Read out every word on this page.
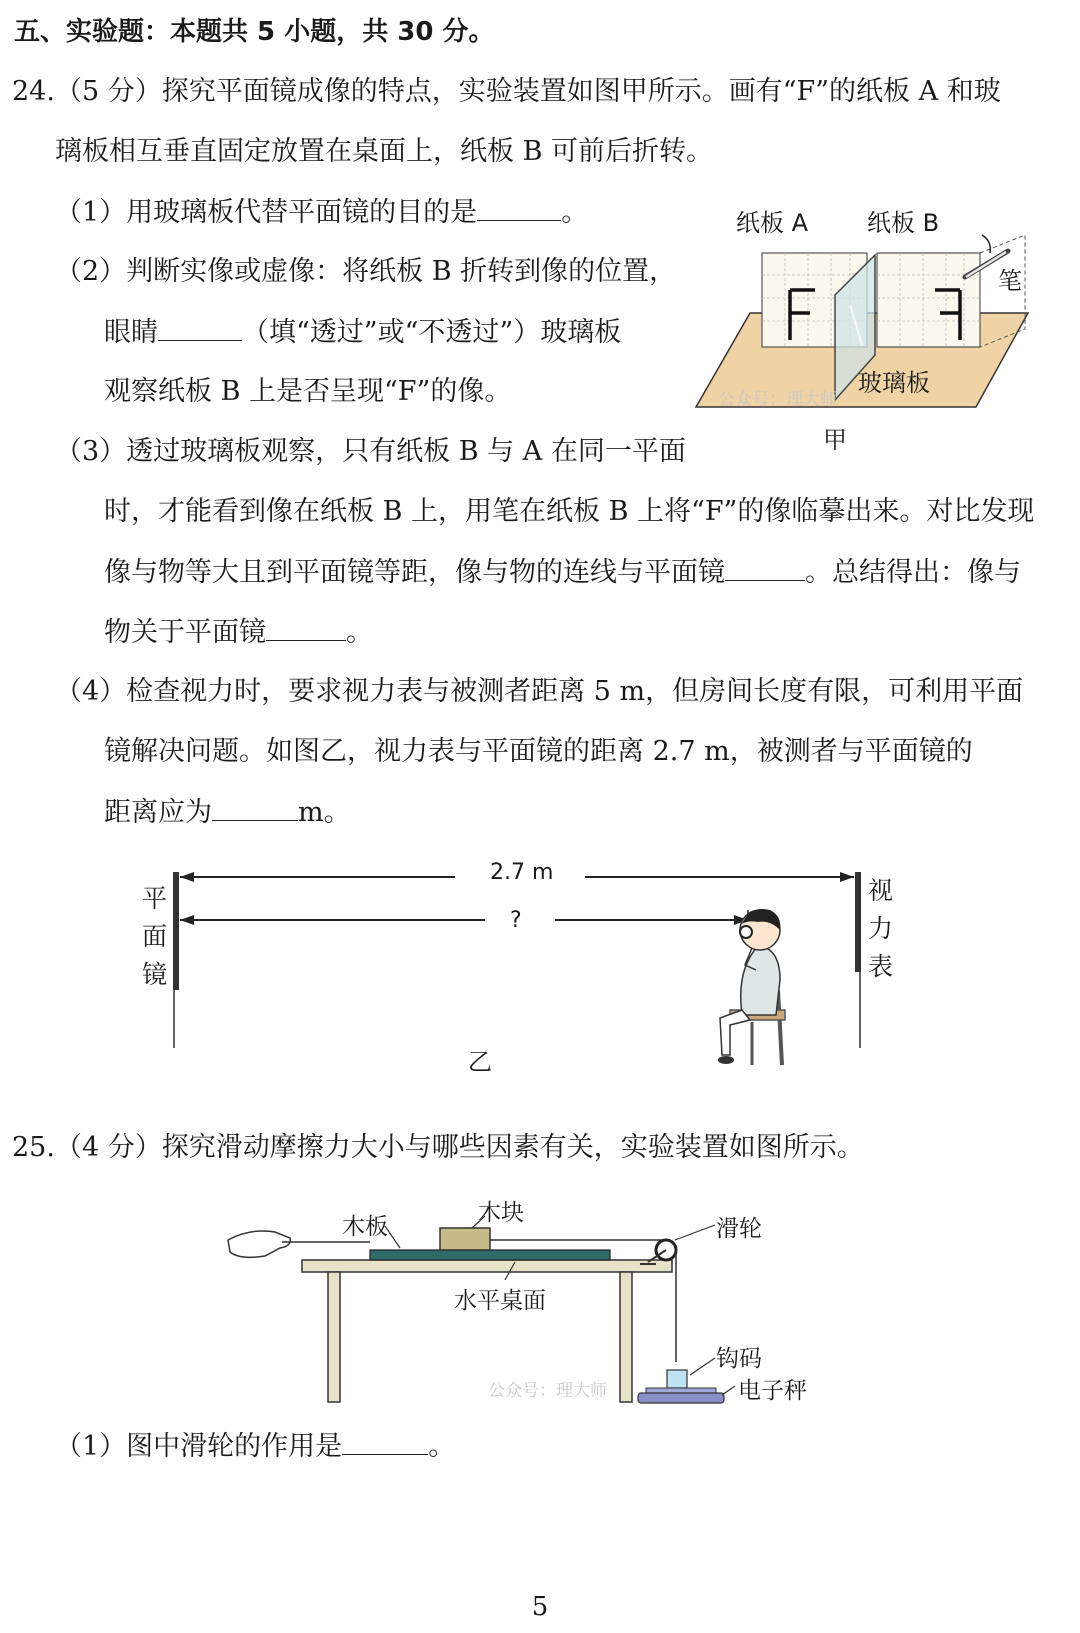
五、实验题：本题共 5 小题，共 30 分。
24.（5 分）探究平面镜成像的特点，实验装置如图甲所示。画有“F”的纸板 A 和玻
璃板相互垂直固定放置在桌面上，纸板 B 可前后折转。
（1）用玻璃板代替平面镜的目的是	。
（2）判断实像或虚像：将纸板 B 折转到像的位置，
眼睛	（填“透过”或“不透过”）玻璃板
观察纸板 B 上是否呈现“F”的像。
（3）透过玻璃板观察，只有纸板 B 与 A 在同一平面
时，才能看到像在纸板 B 上，用笔在纸板 B 上将“F”的像临摹出来。对比发现
像与物等大且到平面镜等距，像与物的连线与平面镜	。总结得出：像与
物关于平面镜	。
（4）检查视力时，要求视力表与被测者距离 5 m，但房间长度有限，可利用平面
镜解决问题。如图乙，视力表与平面镜的距离 2.7 m，被测者与平面镜的
距离应为	m。
纸板 A 纸板 B
笔
玻璃板
公众号：理大师
甲
平
面
镜
视
力
表
2.7 m
?
乙
25.（4 分）探究滑动摩擦力大小与哪些因素有关，实验装置如图所示。
木板
木块
滑轮
水平桌面
钩码
电子秤
公众号：理大师
（1）图中滑轮的作用是	。
5
